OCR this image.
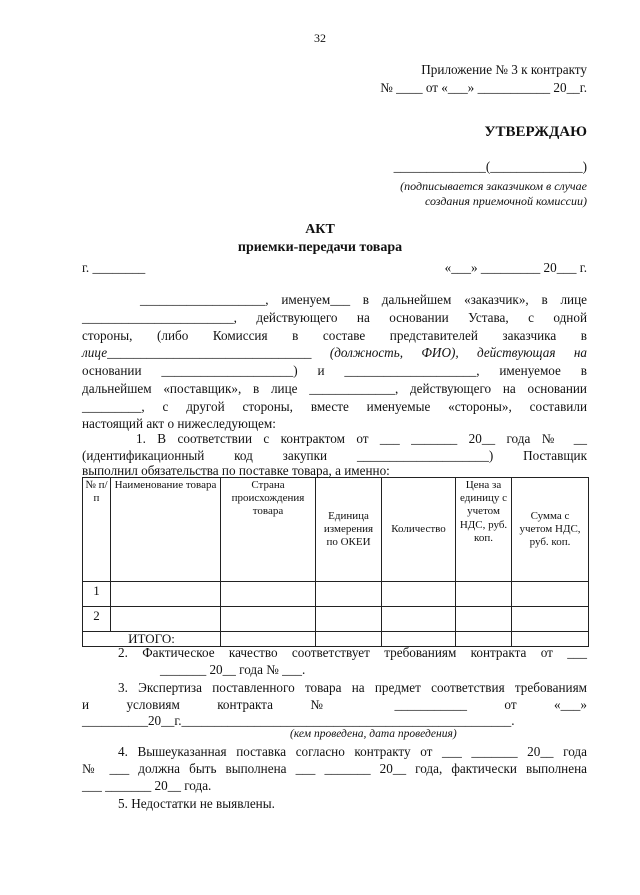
32
Приложение № 3 к контракту
№ ____ от «___» ___________ 20__г.
УТВЕРЖДАЮ
______________(______________)
(подписывается заказчиком в случае
создания приемочной комиссии)
АКТ
приемки-передачи товара
г. ________	«___» _________ 20___ г.
___________________, именуем___ в дальнейшем «заказчик», в лице
_______________________, действующего на основании Устава, с одной
стороны, (либо Комиссия в составе представителей заказчика в
лице_______________________________ (должность, ФИО), действующая на
основании ____________________) и ____________________, именуемое в
дальнейшем «поставщик», в лице _____________, действующего на основании
_________, с другой стороны, вместе именуемые «стороны», составили
настоящий акт о нижеследующем:
1. В соответствии с контрактом от ___ _______ 20__ года № __
(идентификационный код закупки ____________________) Поставщик
выполнил обязательства по поставке товара, а именно:
№ п/п	Наименование товара	Страна происхождения товара	Единица измерения по ОКЕИ	Количество	Цена за единицу с учетом НДС, руб. коп.	Сумма с учетом НДС, руб. коп.
1						
2						
ИТОГО:						
2. Фактическое качество соответствует требованиям контракта от ___
_______ 20__ года № ___.
3. Экспертиза поставленного товара на предмет соответствия требованиям
и условиям контракта № ___________ от «___»
__________20__г.__________________________________________________.
(кем проведена, дата проведения)
4. Вышеуказанная поставка согласно контракту от ___ _______ 20__ года
№ ___ должна быть выполнена ___ _______ 20__ года, фактически выполнена
___ _______ 20__ года.
5. Недостатки не выявлены.
